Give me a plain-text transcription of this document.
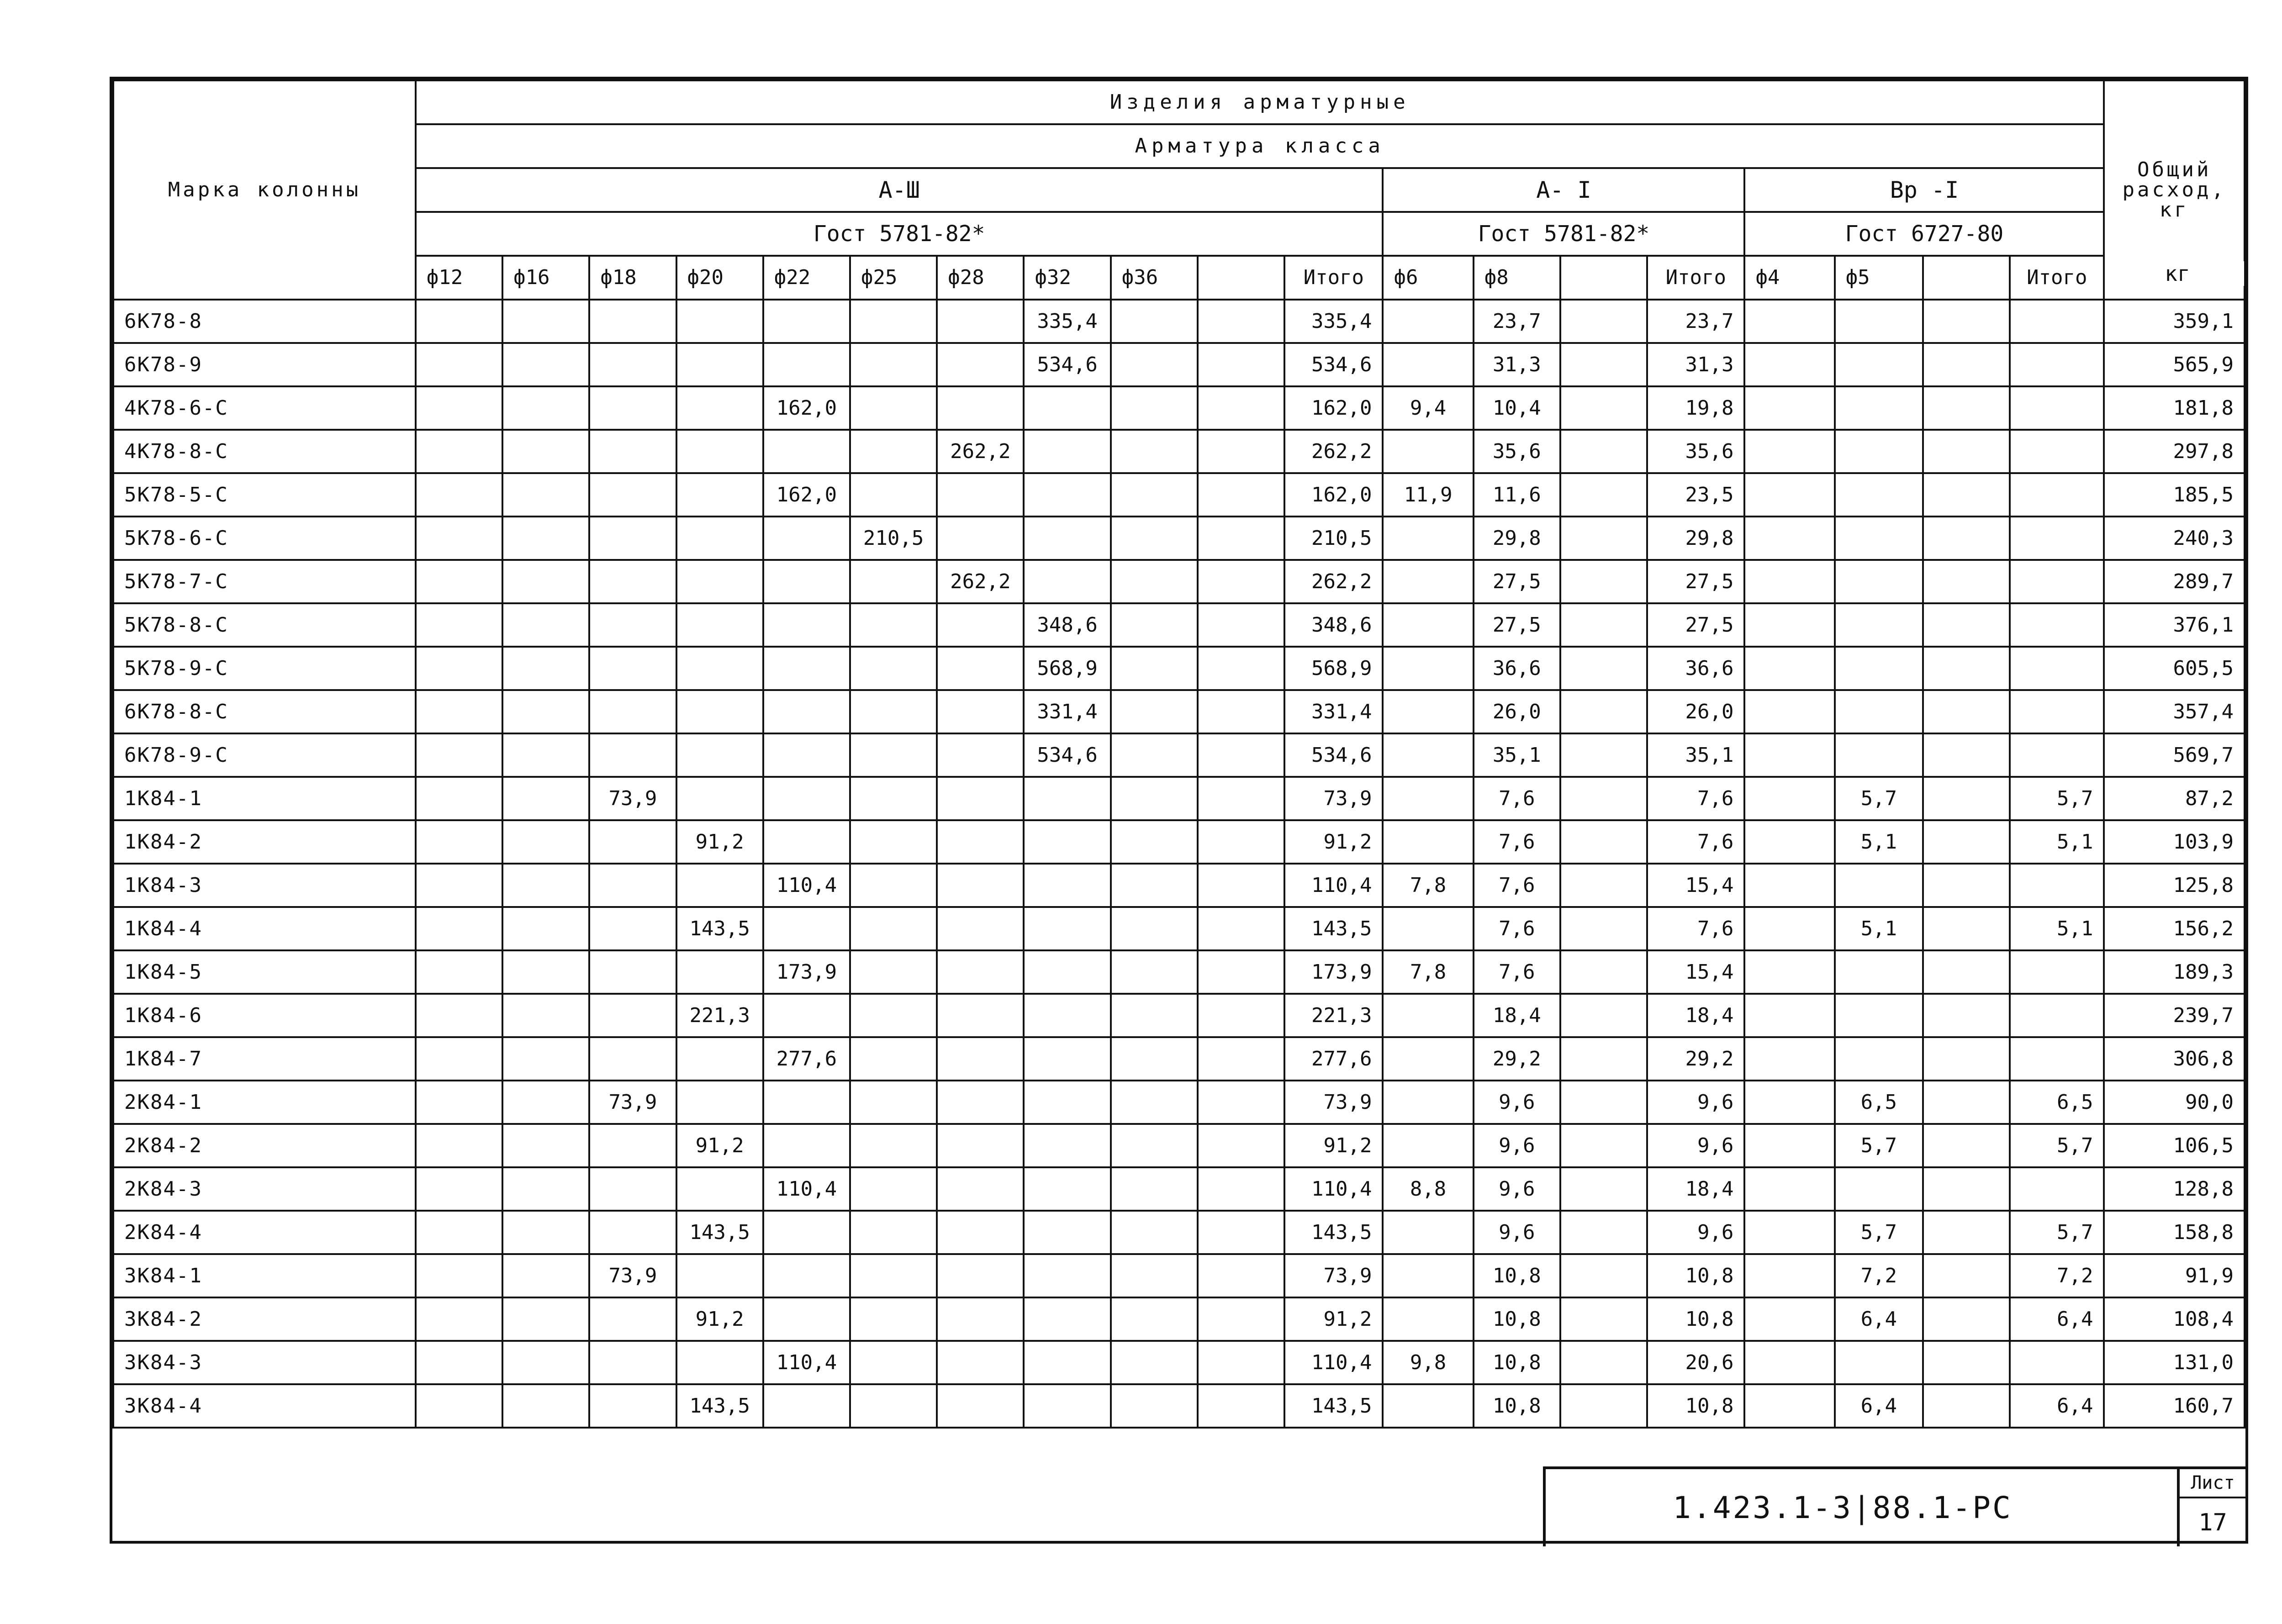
Марка колонны	Изделия арматурные																			Общий расход, кг
	Арматура класса																			
	А-Ш											А- I				Вр -I				
	Гост 5781-82*											Гост 5781-82*				Гост 6727-80				
	ф12	ф16	ф18	ф20	ф22	ф25	ф28	ф32	ф36		Итого	ф6	ф8		Итого	ф4	ф5		Итого	
6К78-8								335,4			335,4		23,7		23,7					359,1
6К78-9								534,6			534,6		31,3		31,3					565,9
4К78-6-С					162,0						162,0	9,4	10,4		19,8					181,8
4К78-8-С							262,2				262,2		35,6		35,6					297,8
5К78-5-С					162,0						162,0	11,9	11,6		23,5					185,5
5К78-6-С						210,5					210,5		29,8		29,8					240,3
5К78-7-С							262,2				262,2		27,5		27,5					289,7
5К78-8-С								348,6			348,6		27,5		27,5					376,1
5К78-9-С								568,9			568,9		36,6		36,6					605,5
6К78-8-С								331,4			331,4		26,0		26,0					357,4
6К78-9-С								534,6			534,6		35,1		35,1					569,7
1К84-1			73,9								73,9		7,6		7,6		5,7		5,7	87,2
1К84-2				91,2							91,2		7,6		7,6		5,1		5,1	103,9
1К84-3					110,4						110,4	7,8	7,6		15,4					125,8
1К84-4				143,5							143,5		7,6		7,6		5,1		5,1	156,2
1К84-5					173,9						173,9	7,8	7,6		15,4					189,3
1К84-6				221,3							221,3		18,4		18,4					239,7
1К84-7					277,6						277,6		29,2		29,2					306,8
2К84-1			73,9								73,9		9,6		9,6		6,5		6,5	90,0
2К84-2				91,2							91,2		9,6		9,6		5,7		5,7	106,5
2К84-3					110,4						110,4	8,8	9,6		18,4					128,8
2К84-4				143,5							143,5		9,6		9,6		5,7		5,7	158,8
3К84-1			73,9								73,9		10,8		10,8		7,2		7,2	91,9
3К84-2				91,2							91,2		10,8		10,8		6,4		6,4	108,4
3К84-3					110,4						110,4	9,8	10,8		20,6					131,0
3К84-4				143,5							143,5		10,8		10,8		6,4		6,4	160,7
кг
1.423.1-3|88.1-РС
Лист
17
